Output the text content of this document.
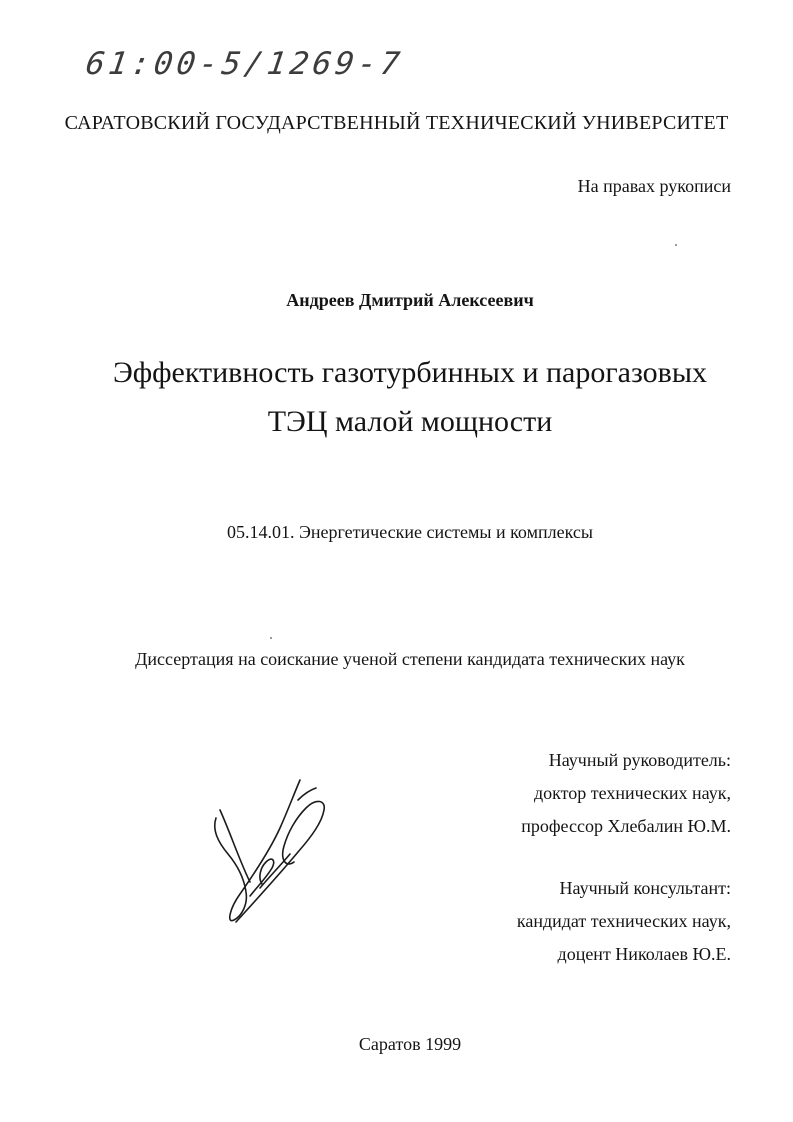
61:00-5/1269-7
САРАТОВСКИЙ ГОСУДАРСТВЕННЫЙ ТЕХНИЧЕСКИЙ УНИВЕРСИТЕТ
На правах рукописи
Андреев Дмитрий Алексеевич
Эффективность газотурбинных и парогазовых
ТЭЦ малой мощности
05.14.01. Энергетические системы и комплексы
Диссертация на соискание ученой степени кандидата технических наук
Научный руководитель:
доктор технических наук,
профессор Хлебалин Ю.М.
Научный консультант:
кандидат технических наук,
доцент Николаев Ю.Е.
Саратов 1999
